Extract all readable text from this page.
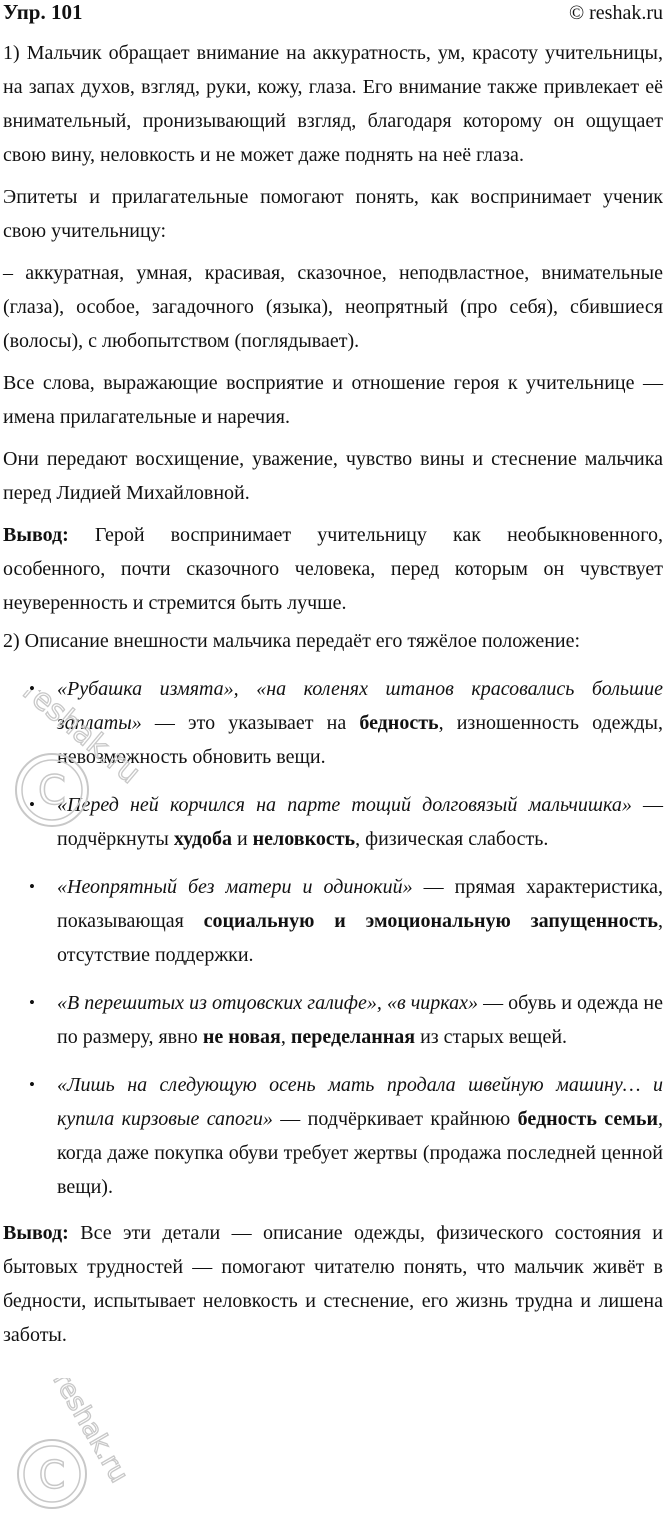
Упр. 101	© reshak.ru

1) Мальчик обращает внимание на аккуратность, ум, красоту учительницы, на запах духов, взгляд, руки, кожу, глаза. Его внимание также привлекает её внимательный, пронизывающий взгляд, благодаря которому он ощущает свою вину, неловкость и не может даже поднять на неё глаза.

Эпитеты и прилагательные помогают понять, как воспринимает ученик свою учительницу:

– аккуратная, умная, красивая, сказочное, неподвластное, внимательные (глаза), особое, загадочного (языка), неопрятный (про себя), сбившиеся (волосы), с любопытством (поглядывает).

Все слова, выражающие восприятие и отношение героя к учительнице — имена прилагательные и наречия.

Они передают восхищение, уважение, чувство вины и стеснение мальчика перед Лидией Михайловной.

Вывод: Герой воспринимает учительницу как необыкновенного, особенного, почти сказочного человека, перед которым он чувствует неуверенность и стремится быть лучше.

2) Описание внешности мальчика передаёт его тяжёлое положение:

• «Рубашка измята», «на коленях штанов красовались большие заплаты» — это указывает на бедность, изношенность одежды, невозможность обновить вещи.
• «Перед ней корчился на парте тощий долговязый мальчишка» — подчёркнуты худоба и неловкость, физическая слабость.
• «Неопрятный без матери и одинокий» — прямая характеристика, показывающая социальную и эмоциональную запущенность, отсутствие поддержки.
• «В перешитых из отцовских галифе», «в чирках» — обувь и одежда не по размеру, явно не новая, переделанная из старых вещей.
• «Лишь на следующую осень мать продала швейную машину… и купила кирзовые сапоги» — подчёркивает крайнюю бедность семьи, когда даже покупка обуви требует жертвы (продажа последней ценной вещи).

Вывод: Все эти детали — описание одежды, физического состояния и бытовых трудностей — помогают читателю понять, что мальчик живёт в бедности, испытывает неловкость и стеснение, его жизнь трудна и лишена заботы.
